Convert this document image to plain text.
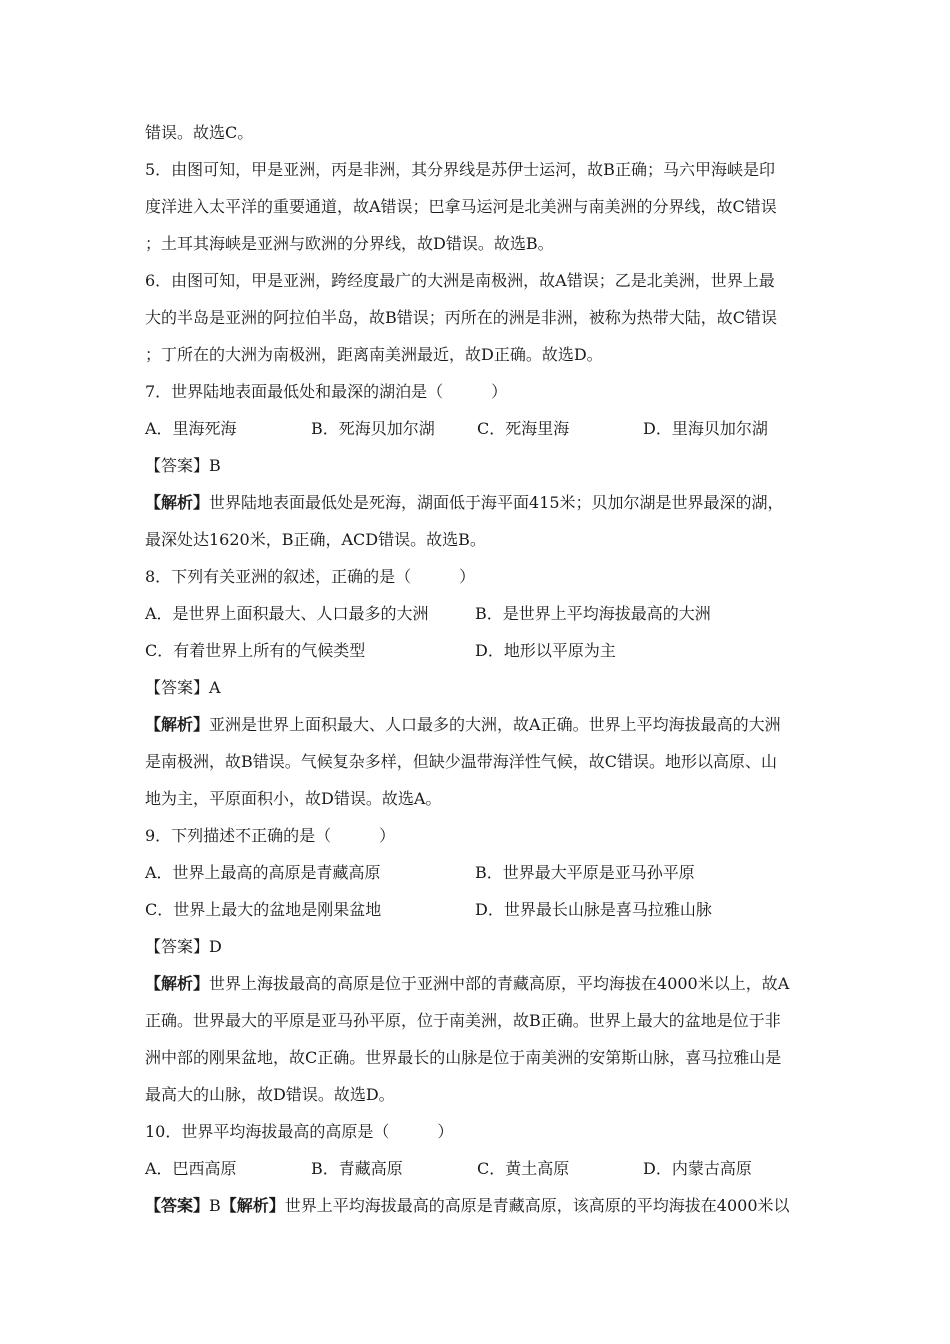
错误。故选C。
5．由图可知，甲是亚洲，丙是非洲，其分界线是苏伊士运河，故B正确；马六甲海峡是印
度洋进入太平洋的重要通道，故A错误；巴拿马运河是北美洲与南美洲的分界线，故C错误
；土耳其海峡是亚洲与欧洲的分界线，故D错误。故选B。
6．由图可知，甲是亚洲，跨经度最广的大洲是南极洲，故A错误；乙是北美洲，世界上最
大的半岛是亚洲的阿拉伯半岛，故B错误；丙所在的洲是非洲，被称为热带大陆，故C错误
；丁所在的大洲为南极洲，距离南美洲最近，故D正确。故选D。
7．世界陆地表面最低处和最深的湖泊是（　　　）
A．里海死海	B．死海贝加尔湖	C．死海里海	D．里海贝加尔湖
【答案】B
【解析】世界陆地表面最低处是死海，湖面低于海平面415米；贝加尔湖是世界最深的湖，
最深处达1620米，B正确，ACD错误。故选B。
8．下列有关亚洲的叙述，正确的是（　　　）
A．是世界上面积最大、人口最多的大洲	B．是世界上平均海拔最高的大洲
C．有着世界上所有的气候类型	D．地形以平原为主
【答案】A
【解析】亚洲是世界上面积最大、人口最多的大洲，故A正确。世界上平均海拔最高的大洲
是南极洲，故B错误。气候复杂多样，但缺少温带海洋性气候，故C错误。地形以高原、山
地为主，平原面积小，故D错误。故选A。
9．下列描述不正确的是（　　　）
A．世界上最高的高原是青藏高原	B．世界最大平原是亚马孙平原
C．世界上最大的盆地是刚果盆地	D．世界最长山脉是喜马拉雅山脉
【答案】D
【解析】世界上海拔最高的高原是位于亚洲中部的青藏高原，平均海拔在4000米以上，故A
正确。世界最大的平原是亚马孙平原，位于南美洲，故B正确。世界上最大的盆地是位于非
洲中部的刚果盆地，故C正确。世界最长的山脉是位于南美洲的安第斯山脉，喜马拉雅山是
最高大的山脉，故D错误。故选D。
10．世界平均海拔最高的高原是（　　　）
A．巴西高原	B．青藏高原	C．黄土高原	D．内蒙古高原
【答案】B【解析】世界上平均海拔最高的高原是青藏高原，该高原的平均海拔在4000米以
